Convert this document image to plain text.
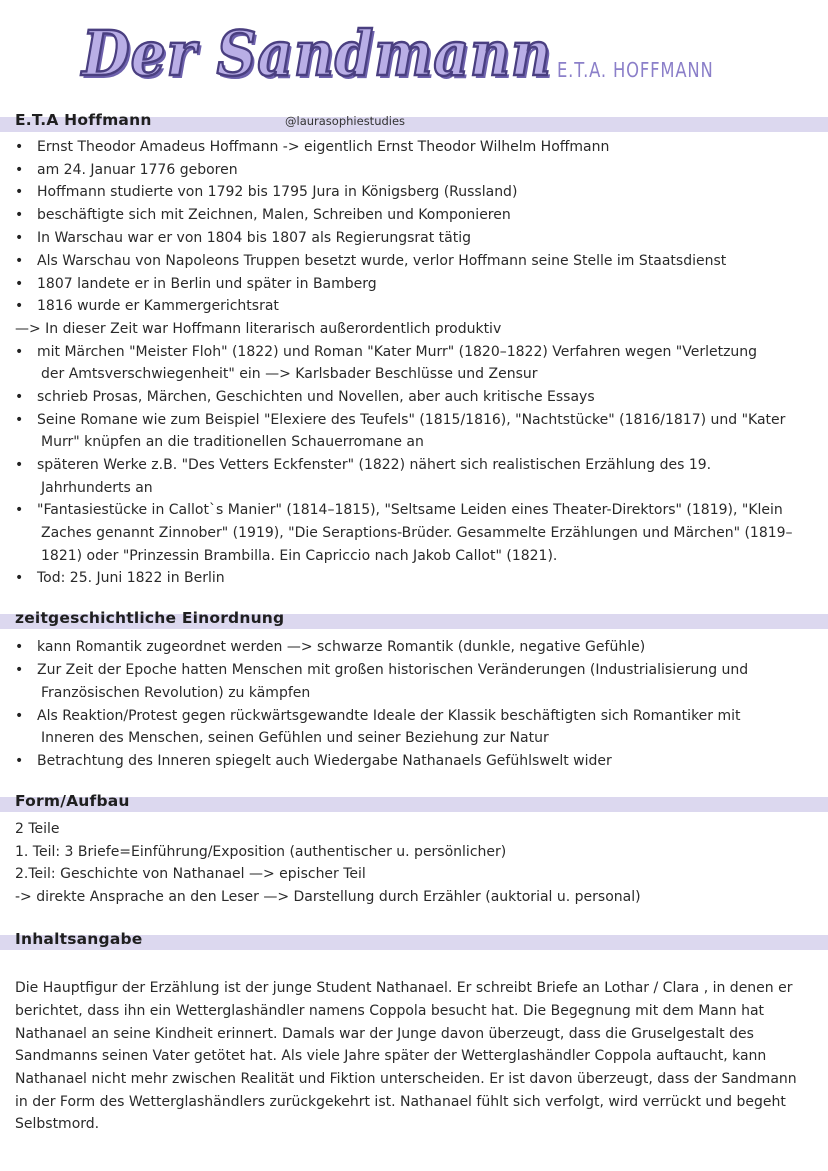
Der Sandmann E.T.A. HOFFMANN
E.T.A Hoffmann	@laurasophiestudies
zeitgeschichtliche Einordnung
Form/Aufbau
Inhaltsangabe
• Ernst Theodor Amadeus Hoffmann -> eigentlich Ernst Theodor Wilhelm Hoffmann
• am 24. Januar 1776 geboren
• Hoffmann studierte von 1792 bis 1795 Jura in Königsberg (Russland)
• beschäftigte sich mit Zeichnen, Malen, Schreiben und Komponieren
• In Warschau war er von 1804 bis 1807 als Regierungsrat tätig
• Als Warschau von Napoleons Truppen besetzt wurde, verlor Hoffmann seine Stelle im Staatsdienst
• 1807 landete er in Berlin und später in Bamberg
• 1816 wurde er Kammergerichtsrat
—> In dieser Zeit war Hoffmann literarisch außerordentlich produktiv
• mit Märchen "Meister Floh" (1822) und Roman "Kater Murr" (1820–1822) Verfahren wegen "Verletzung
der Amtsverschwiegenheit" ein —> Karlsbader Beschlüsse und Zensur
• schrieb Prosas, Märchen, Geschichten und Novellen, aber auch kritische Essays
• Seine Romane wie zum Beispiel "Elexiere des Teufels" (1815/1816), "Nachtstücke" (1816/1817) und "Kater
Murr" knüpfen an die traditionellen Schauerromane an
• späteren Werke z.B. "Des Vetters Eckfenster" (1822) nähert sich realistischen Erzählung des 19.
Jahrhunderts an
• "Fantasiestücke in Callot`s Manier" (1814–1815), "Seltsame Leiden eines Theater-Direktors" (1819), "Klein
Zaches genannt Zinnober" (1919), "Die Seraptions-Brüder. Gesammelte Erzählungen und Märchen" (1819–
1821) oder "Prinzessin Brambilla. Ein Capriccio nach Jakob Callot" (1821).
• Tod: 25. Juni 1822 in Berlin
• kann Romantik zugeordnet werden —> schwarze Romantik (dunkle, negative Gefühle)
• Zur Zeit der Epoche hatten Menschen mit großen historischen Veränderungen (Industrialisierung und
Französischen Revolution) zu kämpfen
• Als Reaktion/Protest gegen rückwärtsgewandte Ideale der Klassik beschäftigten sich Romantiker mit
Inneren des Menschen, seinen Gefühlen und seiner Beziehung zur Natur
• Betrachtung des Inneren spiegelt auch Wiedergabe Nathanaels Gefühlswelt wider
2 Teile
1. Teil: 3 Briefe=Einführung/Exposition (authentischer u. persönlicher)
2.Teil: Geschichte von Nathanael —> epischer Teil
-> direkte Ansprache an den Leser —> Darstellung durch Erzähler (auktorial u. personal)
Die Hauptfigur der Erzählung ist der junge Student Nathanael. Er schreibt Briefe an Lothar / Clara , in denen er
berichtet, dass ihn ein Wetterglashändler namens Coppola besucht hat. Die Begegnung mit dem Mann hat
Nathanael an seine Kindheit erinnert. Damals war der Junge davon überzeugt, dass die Gruselgestalt des
Sandmanns seinen Vater getötet hat. Als viele Jahre später der Wetterglashändler Coppola auftaucht, kann
Nathanael nicht mehr zwischen Realität und Fiktion unterscheiden. Er ist davon überzeugt, dass der Sandmann
in der Form des Wetterglashändlers zurückgekehrt ist. Nathanael fühlt sich verfolgt, wird verrückt und begeht
Selbstmord.
